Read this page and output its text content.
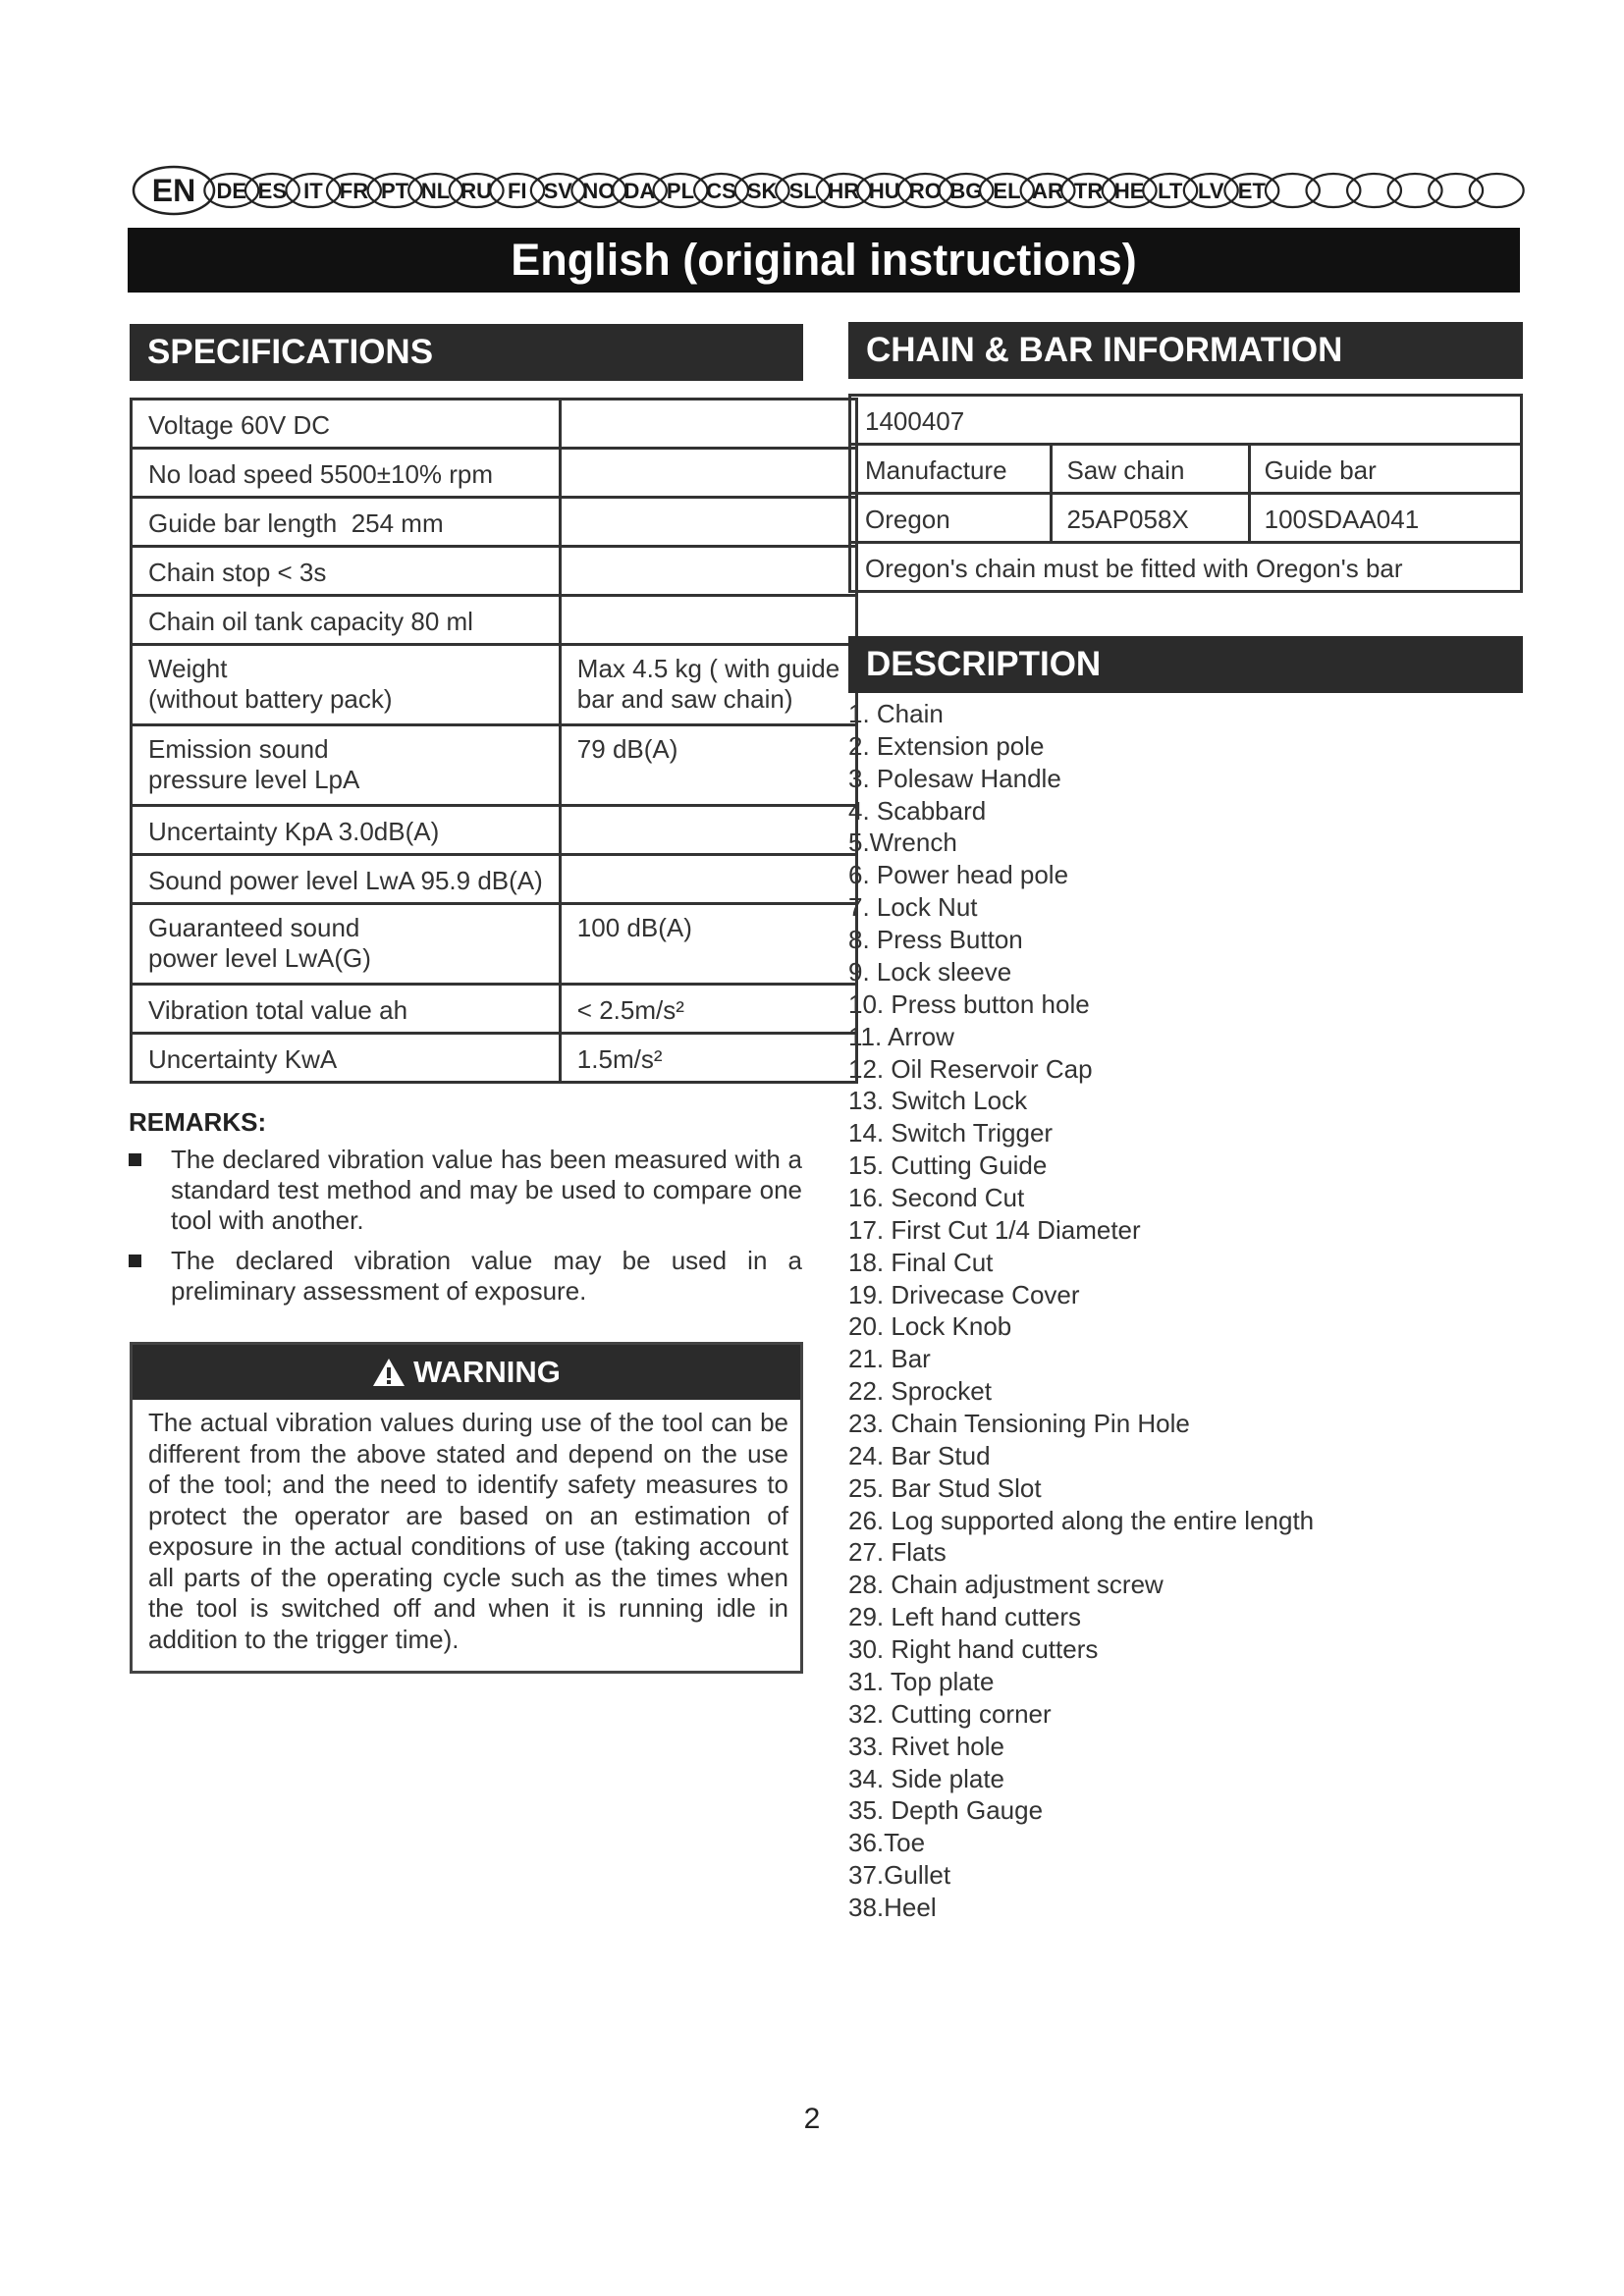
EN DE ES IT FR PT NL RU FI SV NO DA PL CS SK SL HR HU RO BG EL AR TR HE LT LV ET
English (original instructions)
SPECIFICATIONS
Voltage 60V DC	
No load speed 5500±10% rpm	
Guide bar length  254 mm	
Chain stop < 3s	
Chain oil tank capacity 80 ml	
Weight
(without battery pack)	Max 4.5 kg ( with guide
bar and saw chain)
Emission sound
pressure level LpA	79 dB(A)
Uncertainty KpA 3.0dB(A)	
Sound power level LwA 95.9 dB(A)	
Guaranteed sound
power level LwA(G)	100 dB(A)
Vibration total value ah	< 2.5m/s²
Uncertainty KwA	1.5m/s²
REMARKS:
The declared vibration value has been measured with a standard test method and may be used to compare one tool with another.
The declared vibration value may be used in a preliminary assessment of exposure.
WARNING
The actual vibration values during use of the tool can be different from the above stated and depend on the use of the tool; and the need to identify safety measures to protect the operator are based on an estimation of exposure in the actual conditions of use (taking account all parts of the operating cycle such as the times when the tool is switched off and when it is running idle in addition to the trigger time).
CHAIN & BAR INFORMATION
1400407		
Manufacture	Saw chain	Guide bar
Oregon	25AP058X	100SDAA041
Oregon's chain must be fitted with Oregon's bar		
DESCRIPTION
1. Chain
2. Extension pole
3. Polesaw Handle
4. Scabbard
5.Wrench
6. Power head pole
7. Lock Nut
8. Press Button
9. Lock sleeve
10. Press button hole
11. Arrow
12. Oil Reservoir Cap
13. Switch Lock
14. Switch Trigger
15. Cutting Guide
16. Second Cut
17. First Cut 1/4 Diameter
18. Final Cut
19. Drivecase Cover
20. Lock Knob
21. Bar
22. Sprocket
23. Chain Tensioning Pin Hole
24. Bar Stud
25. Bar Stud Slot
26. Log supported along the entire length
27. Flats
28. Chain adjustment screw
29. Left hand cutters
30. Right hand cutters
31. Top plate
32. Cutting corner
33. Rivet hole
34. Side plate
35. Depth Gauge
36.Toe
37.Gullet
38.Heel
2
